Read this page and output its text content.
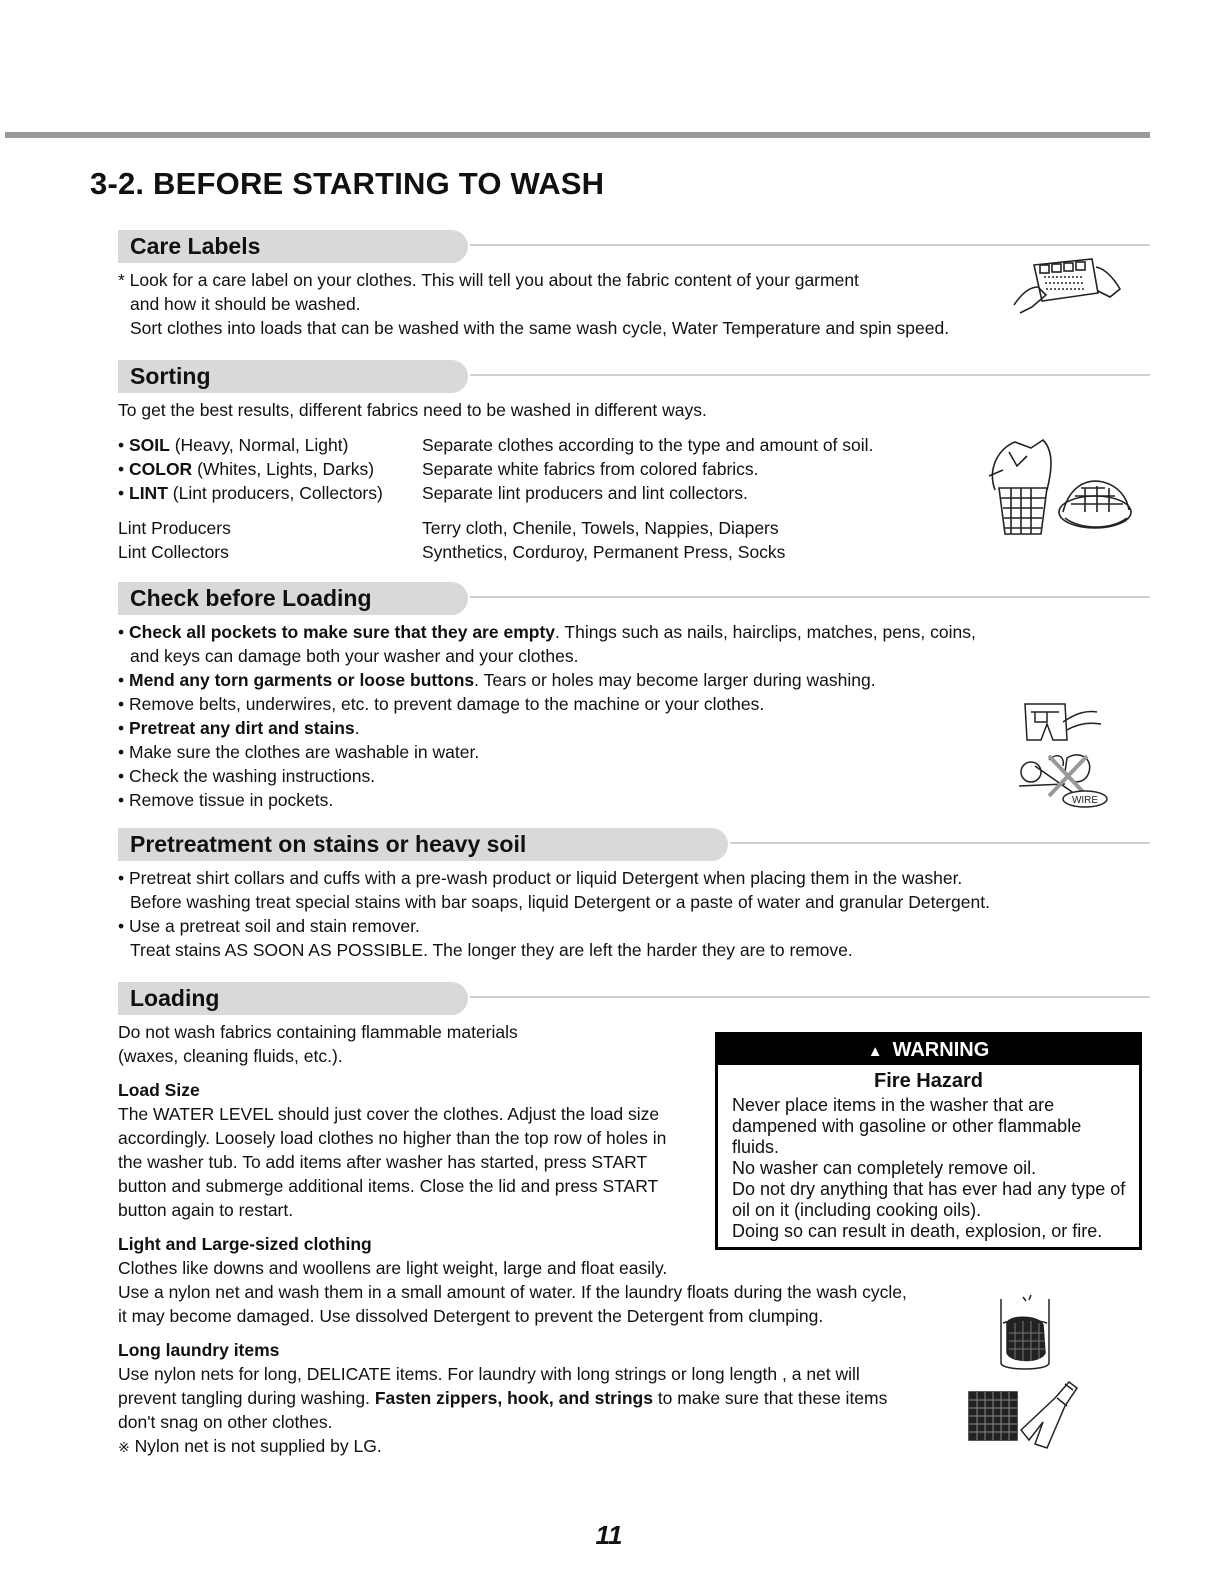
3-2. BEFORE STARTING TO WASH
Care Labels

* Look for a care label on your clothes. This will tell you about the fabric content of your garment

and how it should be washed.

Sort clothes into loads that can be washed with the same wash cycle, Water Temperature and spin speed.

Sorting
To get the best results, different fabrics need to be washed in different ways.

• SOIL (Heavy, Normal, Light)

• COLOR (Whites, Lights, Darks)

• LINT (Lint producers, Collectors)

Separate clothes according to the type and amount of soil.

Separate white fabrics from colored fabrics.

Separate lint producers and lint collectors.

Lint Producers

Lint Collectors

Terry cloth, Chenile, Towels, Nappies, Diapers

Synthetics, Corduroy, Permanent Press, Socks

Check before Loading

• Check all pockets to make sure that they are empty. Things such as nails, hairclips, matches, pens, coins,

and keys can damage both your washer and your clothes.

• Mend any torn garments or loose buttons. Tears or holes may become larger during washing.

• Remove belts, underwires, etc. to prevent damage to the machine or your clothes.

• Pretreat any dirt and stains.

• Make sure the clothes are washable in water.

• Check the washing instructions.

• Remove tissue in pockets.	WIRE
Pretreatment on stains or heavy soil

• Pretreat shirt collars and cuffs with a pre-wash product or liquid Detergent when placing them in the washer.

Before washing treat special stains with bar soaps, liquid Detergent or a paste of water and granular Detergent.

• Use a pretreat soil and stain remover.

Treat stains AS SOON AS POSSIBLE. The longer they are left the harder they are to remove.

Loading

Do not wash fabrics containing flammable materials

(waxes, cleaning fluids, etc.).

Load Size

The WATER LEVEL should just cover the clothes. Adjust the load size

accordingly. Loosely load clothes no higher than the top row of holes in

the washer tub. To add items after washer has started, press START

button and submerge additional items. Close the lid and press START

button again to restart.

▲ WARNING
Fire Hazard

Never place items in the washer that are dampened with gasoline or other flammable fluids.

No washer can completely remove oil.

Do not dry anything that has ever had any type of oil on it (including cooking oils).

Doing so can result in death, explosion, or fire.

Light and Large-sized clothing

Clothes like downs and woollens are light weight, large and float easily.

Use a nylon net and wash them in a small amount of water. If the laundry floats during the wash cycle,

it may become damaged. Use dissolved Detergent to prevent the Detergent from clumping.

Long laundry items

Use nylon nets for long, DELICATE items. For laundry with long strings or long length , a net will

prevent tangling during washing. Fasten zippers, hook, and strings to make sure that these items

don't snag on other clothes.

※ Nylon net is not supplied by LG.

11
